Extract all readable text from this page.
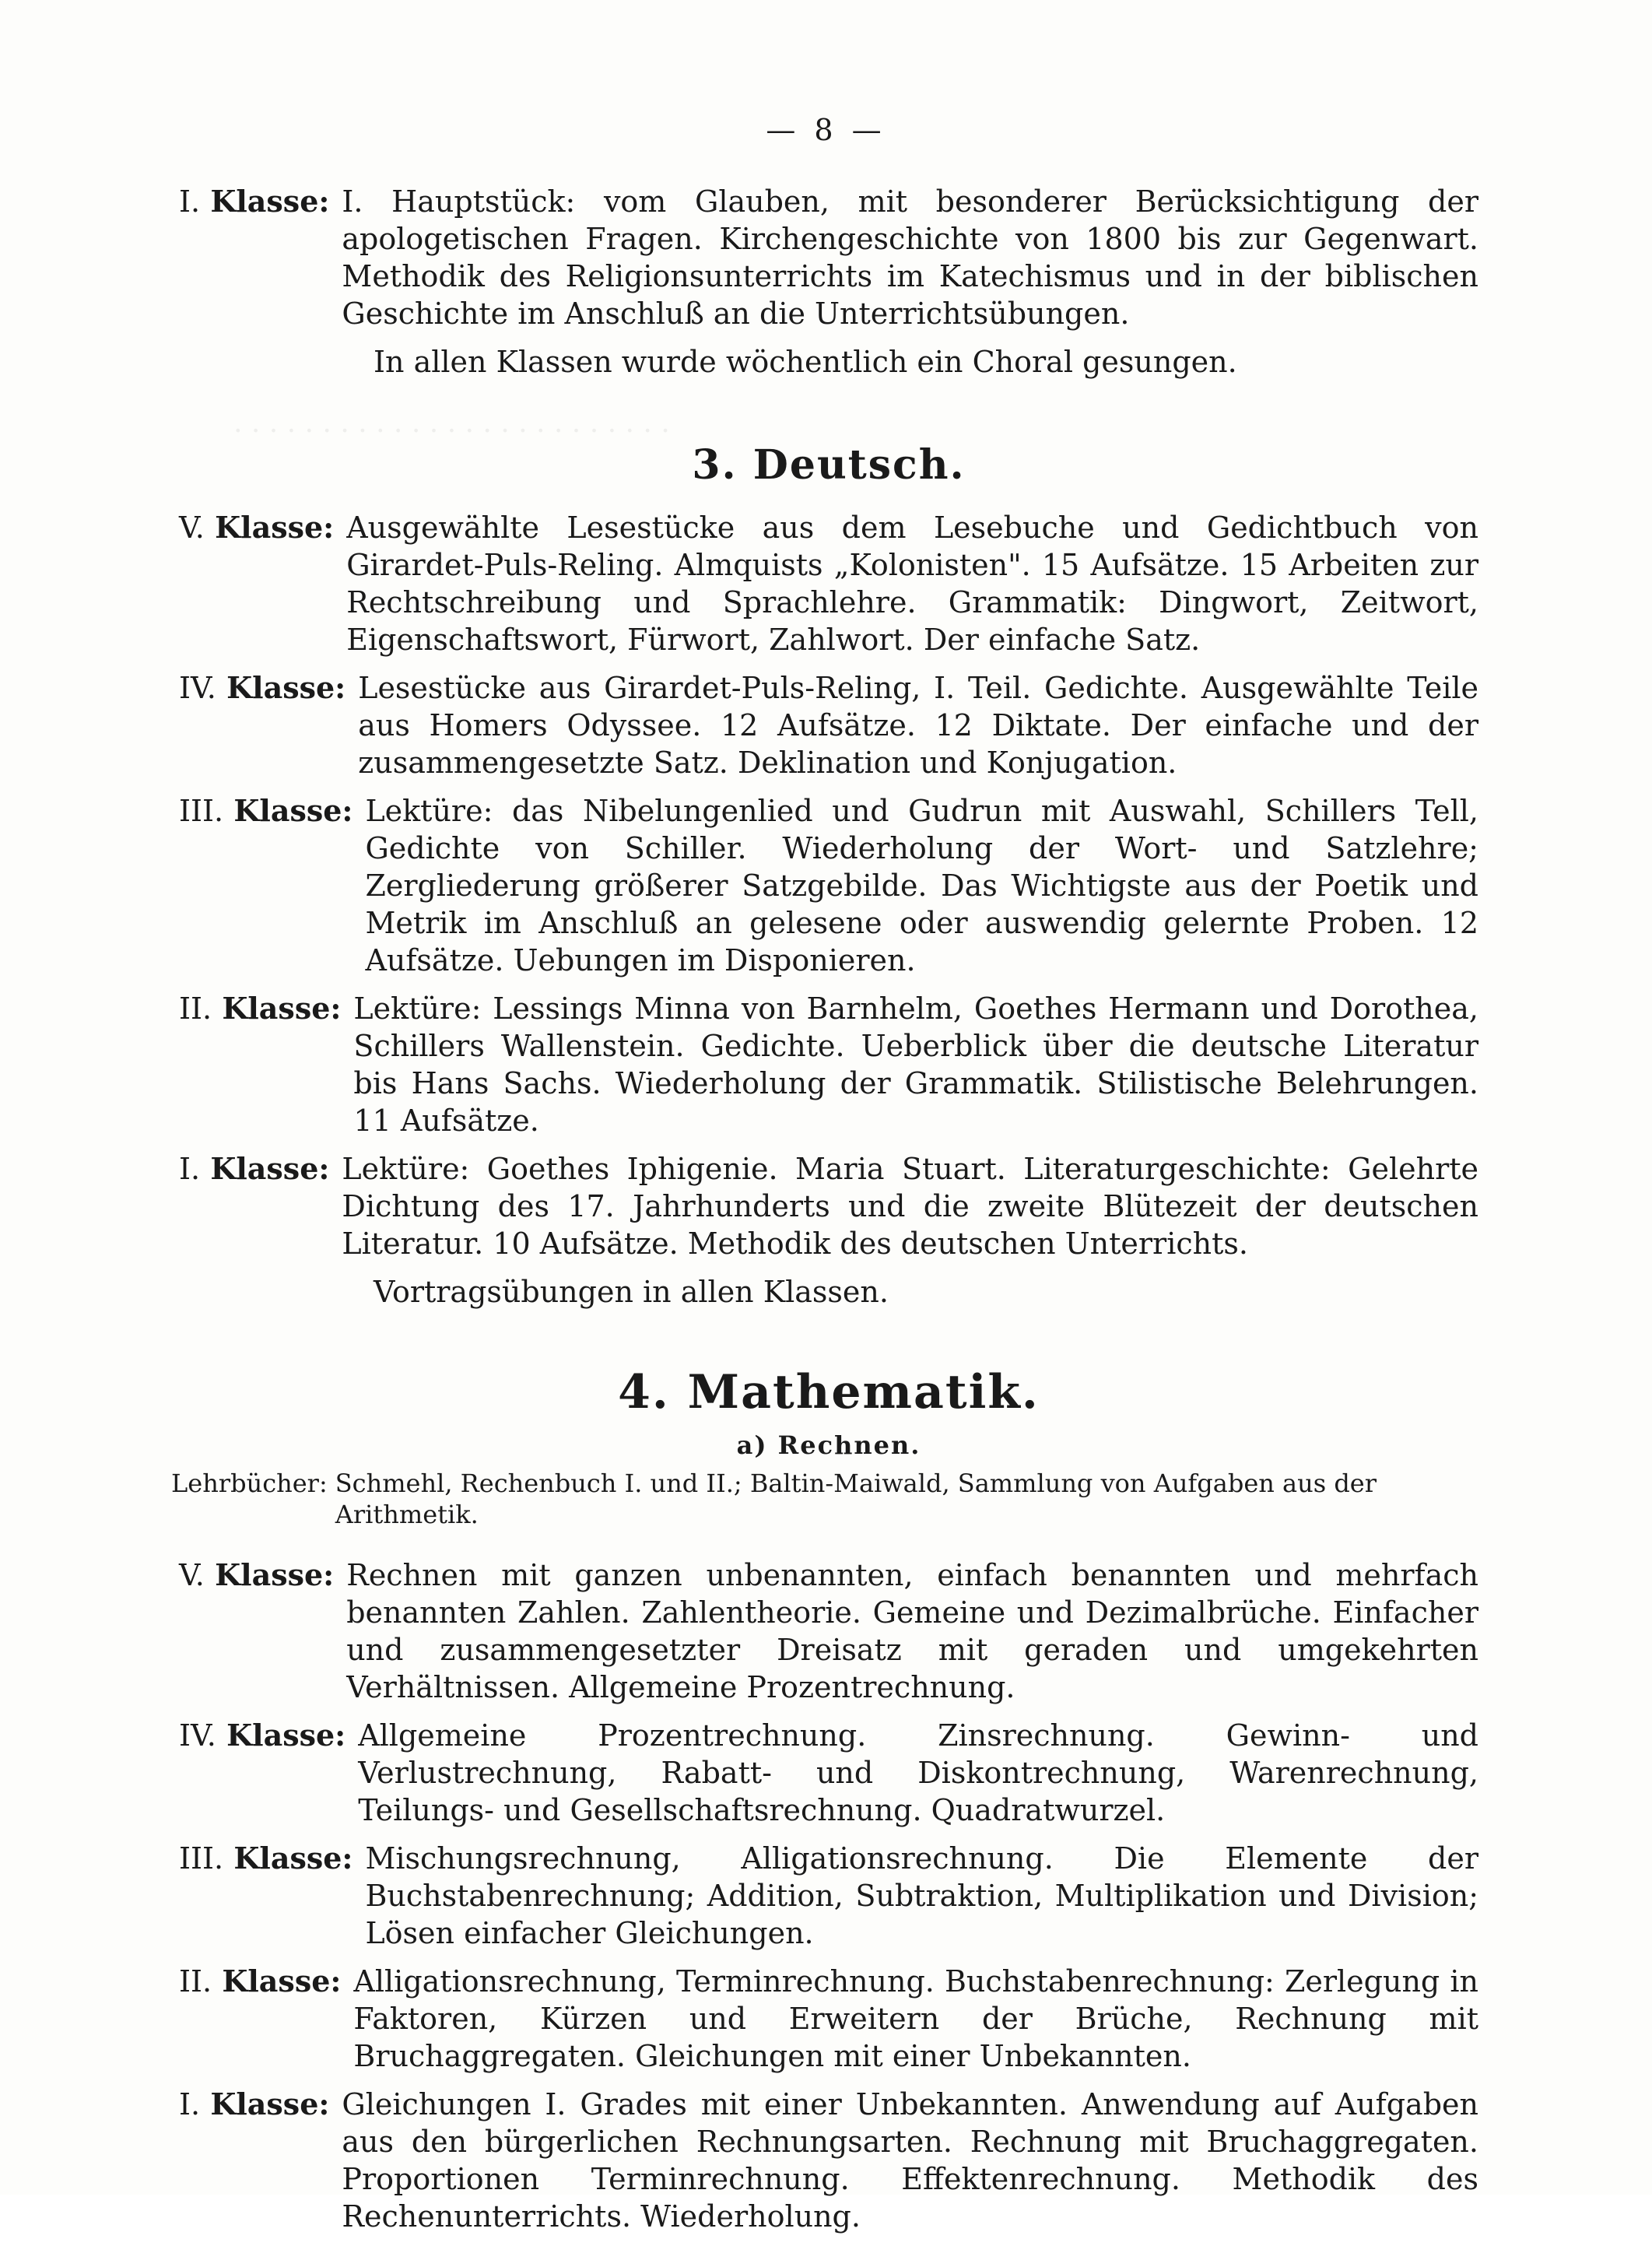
. . . . . . . . . . . . . . . . . . . . . . . . .
— 8 —
I. Klasse: I. Hauptstück: vom Glauben, mit besonderer Berücksichtigung der apologetischen Fragen. Kirchengeschichte von 1800 bis zur Gegenwart. Methodik des Religionsunterrichts im Katechismus und in der biblischen Geschichte im Anschluß an die Unterrichtsübungen.
In allen Klassen wurde wöchentlich ein Choral gesungen.
3. Deutsch.
V. Klasse: Ausgewählte Lesestücke aus dem Lesebuche und Gedichtbuch von Girardet-Puls-Reling. Almquists „Kolonisten". 15 Aufsätze. 15 Arbeiten zur Rechtschreibung und Sprachlehre. Grammatik: Dingwort, Zeitwort, Eigenschaftswort, Fürwort, Zahlwort. Der einfache Satz.
IV. Klasse: Lesestücke aus Girardet-Puls-Reling, I. Teil. Gedichte. Ausgewählte Teile aus Homers Odyssee. 12 Aufsätze. 12 Diktate. Der einfache und der zusammengesetzte Satz. Deklination und Konjugation.
III. Klasse: Lektüre: das Nibelungenlied und Gudrun mit Auswahl, Schillers Tell, Gedichte von Schiller. Wiederholung der Wort- und Satzlehre; Zergliederung größerer Satzgebilde. Das Wichtigste aus der Poetik und Metrik im Anschluß an gelesene oder auswendig gelernte Proben. 12 Aufsätze. Uebungen im Disponieren.
II. Klasse: Lektüre: Lessings Minna von Barnhelm, Goethes Hermann und Dorothea, Schillers Wallenstein. Gedichte. Ueberblick über die deutsche Literatur bis Hans Sachs. Wiederholung der Grammatik. Stilistische Belehrungen. 11 Aufsätze.
I. Klasse: Lektüre: Goethes Iphigenie. Maria Stuart. Literaturgeschichte: Gelehrte Dichtung des 17. Jahrhunderts und die zweite Blütezeit der deutschen Literatur. 10 Aufsätze. Methodik des deutschen Unterrichts.
Vortragsübungen in allen Klassen.
4. Mathematik.
a) Rechnen.
Lehrbücher: Schmehl, Rechenbuch I. und II.; Baltin-Maiwald, Sammlung von Aufgaben aus der Arithmetik.
V. Klasse: Rechnen mit ganzen unbenannten, einfach benannten und mehrfach benannten Zahlen. Zahlentheorie. Gemeine und Dezimalbrüche. Einfacher und zusammengesetzter Dreisatz mit geraden und umgekehrten Verhältnissen. Allgemeine Prozentrechnung.
IV. Klasse: Allgemeine Prozentrechnung. Zinsrechnung. Gewinn- und Verlustrechnung, Rabatt- und Diskontrechnung, Warenrechnung, Teilungs- und Gesellschaftsrechnung. Quadratwurzel.
III. Klasse: Mischungsrechnung, Alligationsrechnung. Die Elemente der Buchstabenrechnung; Addition, Subtraktion, Multiplikation und Division; Lösen einfacher Gleichungen.
II. Klasse: Alligationsrechnung, Terminrechnung. Buchstabenrechnung: Zerlegung in Faktoren, Kürzen und Erweitern der Brüche, Rechnung mit Bruchaggregaten. Gleichungen mit einer Unbekannten.
I. Klasse: Gleichungen I. Grades mit einer Unbekannten. Anwendung auf Aufgaben aus den bürgerlichen Rechnungsarten. Rechnung mit Bruchaggregaten. Proportionen Terminrechnung. Effektenrechnung. Methodik des Rechenunterrichts. Wiederholung.
